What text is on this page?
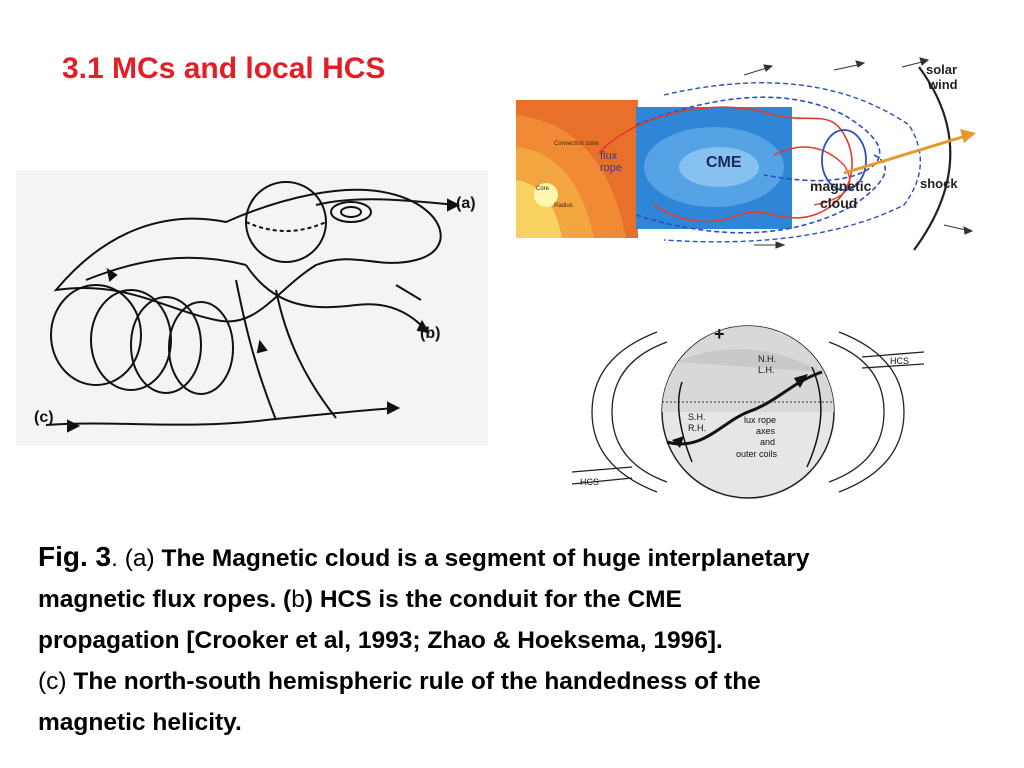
3.1 MCs and local HCS
Convection zone
Core
Radius
flux
rope	CME
solar
wind
shock
magnetic
cloud
(a)
(b)
(c)
+
HCS
HCS
N.H.
L.H.
S.H.
R.H.
lux rope
axes
and
outer coils
Fig. 3. (a) The Magnetic cloud is a segment of huge interplanetary
magnetic flux ropes. (b) HCS is the conduit for the CME
propagation [Crooker et al, 1993; Zhao & Hoeksema, 1996].
(c) The north-south hemispheric rule of the handedness of the
magnetic helicity.
